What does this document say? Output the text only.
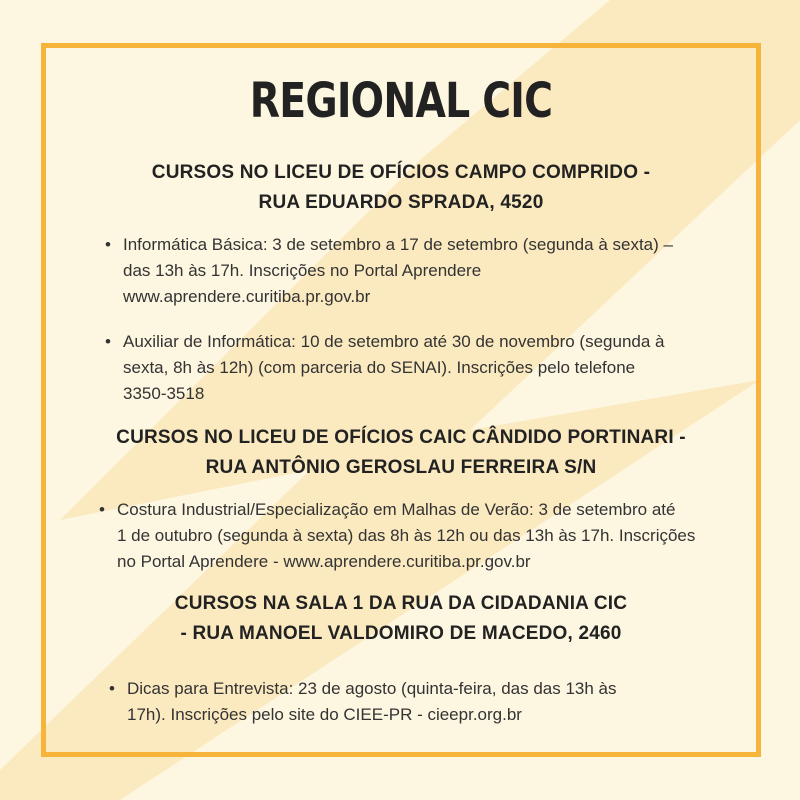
REGIONAL CIC
CURSOS NO LICEU DE OFÍCIOS CAMPO COMPRIDO -
RUA EDUARDO SPRADA, 4520
• Informática Básica: 3 de setembro a 17 de setembro (segunda à sexta) –
das 13h às 17h. Inscrições no Portal Aprendere
www.aprendere.curitiba.pr.gov.br
• Auxiliar de Informática: 10 de setembro até 30 de novembro (segunda à
sexta, 8h às 12h) (com parceria do SENAI). Inscrições pelo telefone
3350-3518
CURSOS NO LICEU DE OFÍCIOS CAIC CÂNDIDO PORTINARI -
RUA ANTÔNIO GEROSLAU FERREIRA S/N
• Costura Industrial/Especialização em Malhas de Verão: 3 de setembro até
1 de outubro (segunda à sexta) das 8h às 12h ou das 13h às 17h. Inscrições
no Portal Aprendere - www.aprendere.curitiba.pr.gov.br
CURSOS NA SALA 1 DA RUA DA CIDADANIA CIC
- RUA MANOEL VALDOMIRO DE MACEDO, 2460
• Dicas para Entrevista: 23 de agosto (quinta-feira, das das 13h às
17h). Inscrições pelo site do CIEE-PR - cieepr.org.br
